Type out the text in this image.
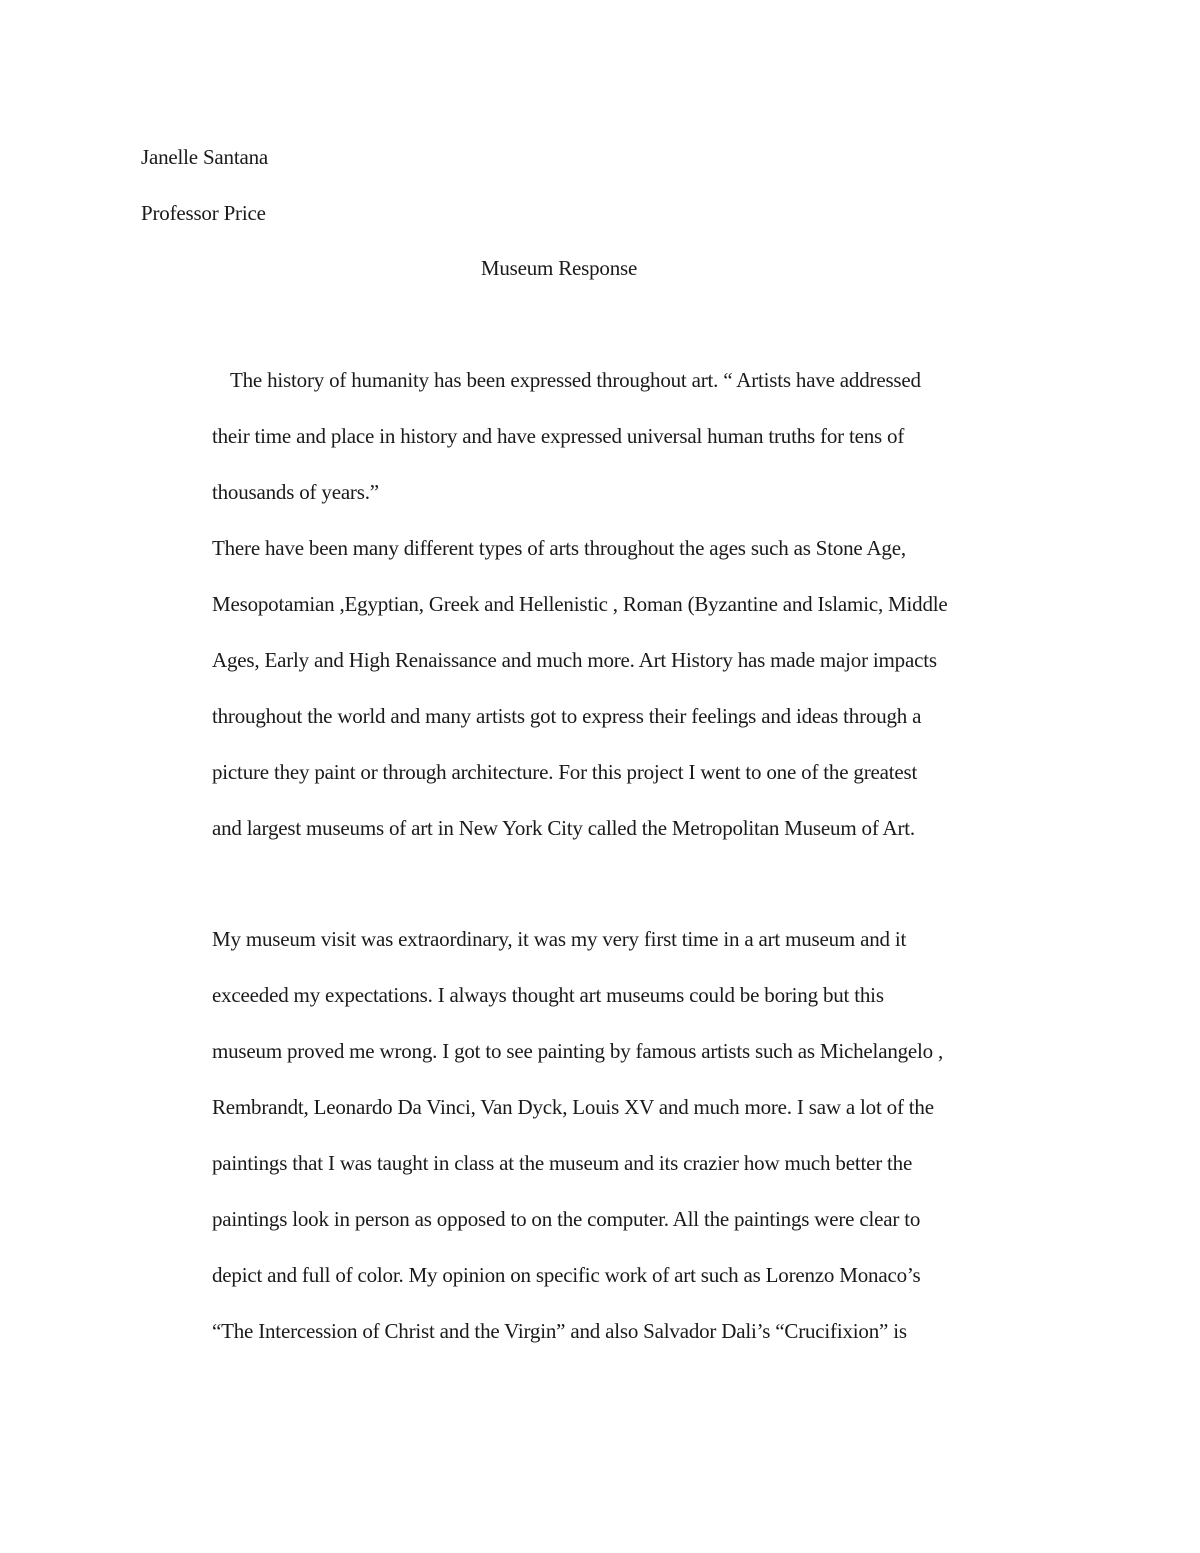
Janelle Santana
Professor Price
Museum Response
The history of humanity has been expressed throughout art. “ Artists have addressed
their time and place in history and have expressed universal human truths for tens of
thousands of years.”
There have been many different types of arts throughout the ages such as Stone Age,
Mesopotamian ,Egyptian, Greek and Hellenistic , Roman (Byzantine and Islamic, Middle
Ages, Early and High Renaissance and much more. Art History has made major impacts
throughout the world and many artists got to express their feelings and ideas through a
picture they paint or through architecture. For this project I went to one of the greatest
and largest museums of art in New York City called the Metropolitan Museum of Art.
My museum visit was extraordinary, it was my very first time in a art museum and it
exceeded my expectations. I always thought art museums could be boring but this
museum proved me wrong. I got to see painting by famous artists such as Michelangelo ,
Rembrandt, Leonardo Da Vinci, Van Dyck, Louis XV and much more. I saw a lot of the
paintings that I was taught in class at the museum and its crazier how much better the
paintings look in person as opposed to on the computer. All the paintings were clear to
depict and full of color. My opinion on specific work of art such as Lorenzo Monaco’s
“The Intercession of Christ and the Virgin” and also Salvador Dali’s “Crucifixion” is
